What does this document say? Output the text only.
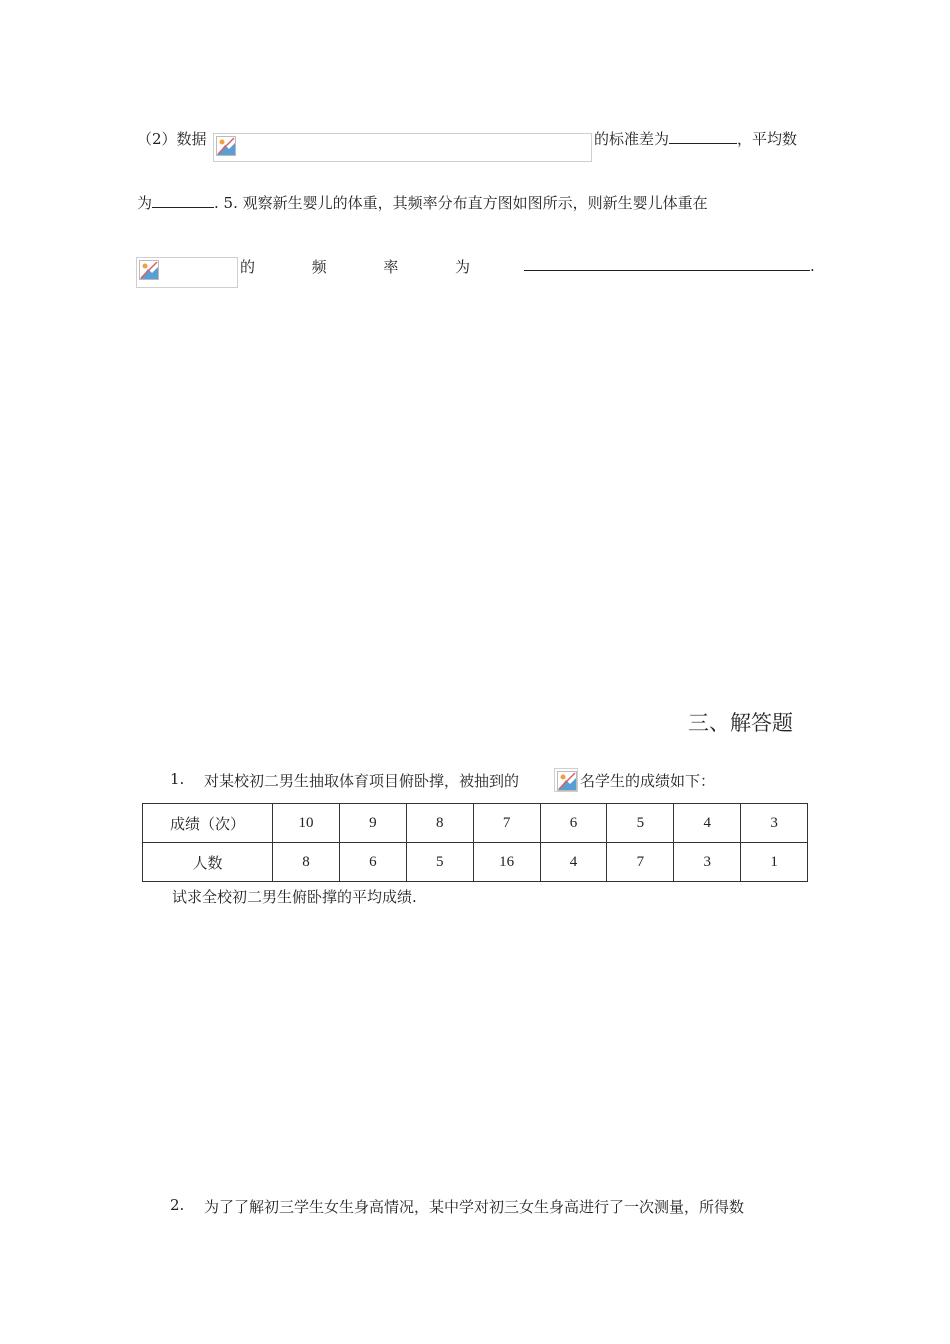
（2）数据	的标准差为	，平均数
为	. 5. 观察新生婴儿的体重，其频率分布直方图如图所示，则新生婴儿体重在
的	频	率	为	.
三、解答题
1. 对某校初二男生抽取体育项目俯卧撑，被抽到的	名学生的成绩如下：
成绩（次）	10	9	8	7	6	5	4	3
人数	8	6	5	16	4	7	3	1
试求全校初二男生俯卧撑的平均成绩.
2. 为了了解初三学生女生身高情况，某中学对初三女生身高进行了一次测量，所得数
